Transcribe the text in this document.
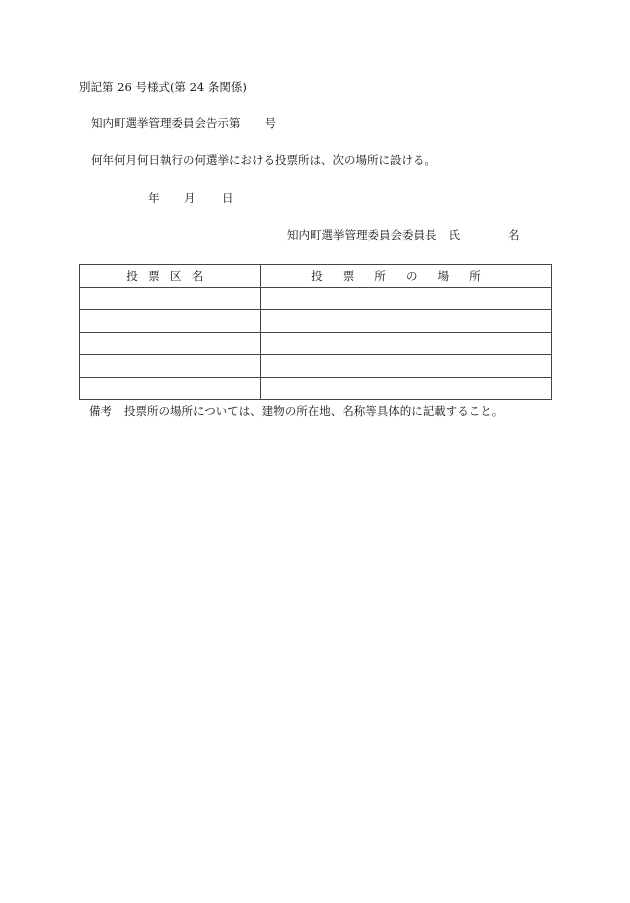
別記第 26 号様式(第 24 条関係)
知内町選挙管理委員会告示第 号
何年何月何日執行の何選挙における投票所は、次の場所に設ける。
年 月 日
知内町選挙管理委員会委員長 氏	名
投票区名	投票所の場所

備考 投票所の場所については、建物の所在地、名称等具体的に記載すること。
